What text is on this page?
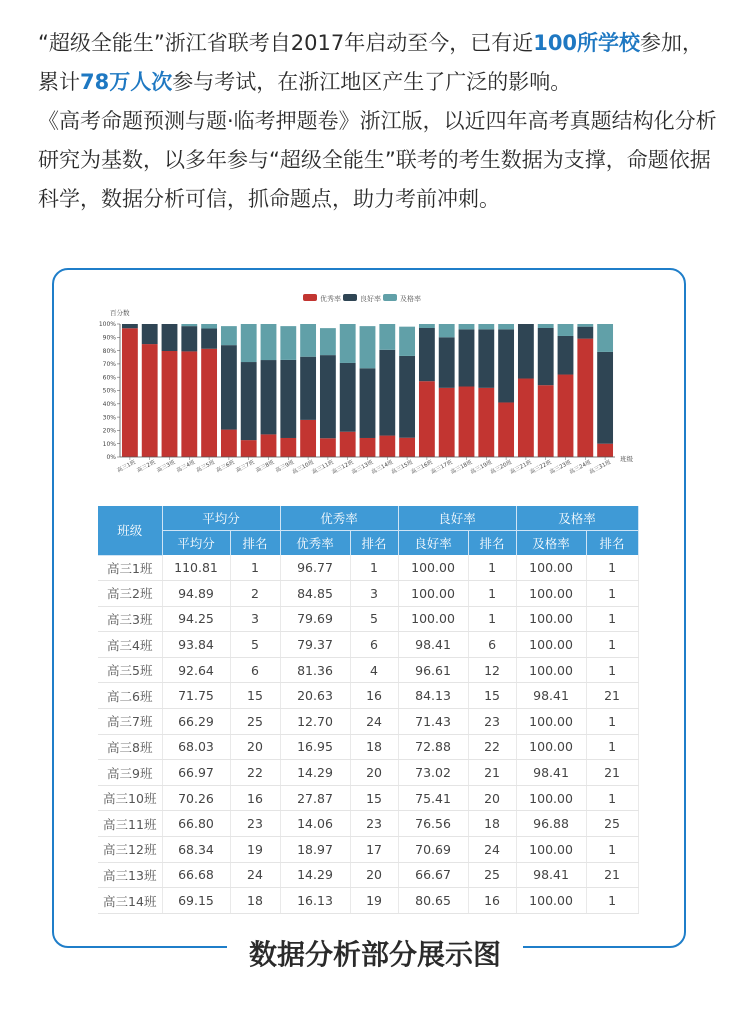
“超级全能生”浙江省联考自2017年启动至今，已有近100所学校参加，累计78万人次参与考试，在浙江地区产生了广泛的影响。

《高考命题预测与题·临考押题卷》浙江版，以近四年高考真题结构化分析研究为基数，以多年参与“超级全能生”联考的考生数据为支撑，命题依据科学，数据分析可信，抓命题点，助力考前冲刺。

优秀率	良好率	及格率
百分数
0%
10%
20%
30%
40%
50%
60%
70%
80%
90%
100%
高三1班 高三2班 高三3班 高三4班 高三5班 高三6班 高三7班 高三8班 高三9班
高三10班
高三11班
高三12班
高三13班
高三14班
高三15班
高三16班
高三17班
高三18班
高三19班
高三20班
高三21班
高三22班
高三23班
高三24班
高三31班
班级
班级	平均分		优秀率		良好率		及格率	
	平均分	排名	优秀率	排名	良好率	排名	及格率	排名
高三1班	110.81	1	96.77	1	100.00	1	100.00	1
高三2班	94.89	2	84.85	3	100.00	1	100.00	1
高三3班	94.25	3	79.69	5	100.00	1	100.00	1
高三4班	93.84	5	79.37	6	98.41	6	100.00	1
高三5班	92.64	6	81.36	4	96.61	12	100.00	1
高二6班	71.75	15	20.63	16	84.13	15	98.41	21
高三7班	66.29	25	12.70	24	71.43	23	100.00	1
高三8班	68.03	20	16.95	18	72.88	22	100.00	1
高三9班	66.97	22	14.29	20	73.02	21	98.41	21
高三10班	70.26	16	27.87	15	75.41	20	100.00	1
高三11班	66.80	23	14.06	23	76.56	18	96.88	25
高三12班	68.34	19	18.97	17	70.69	24	100.00	1
高三13班	66.68	24	14.29	20	66.67	25	98.41	21
高三14班	69.15	18	16.13	19	80.65	16	100.00	1
数据分析部分展示图
